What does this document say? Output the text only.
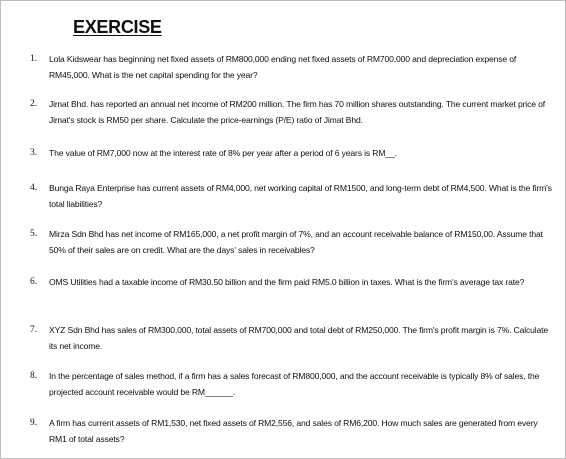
EXERCISE
1. Lola Kidswear has beginning net fixed assets of RM800,000 ending net fixed assets of RM700,000 and depreciation expense of RM45,000. What is the net capital spending for the year?
2. Jimat Bhd. has reported an annual net income of RM200 million. The firm has 70 million shares outstanding. The current market price of Jimat's stock is RM50 per share. Calculate the price-earnings (P/E) ratio of Jimat Bhd.
3. The value of RM7,000 now at the interest rate of 8% per year after a period of 6 years is RM__.
4. Bunga Raya Enterprise has current assets of RM4,000, net working capital of RM1500, and long-term debt of RM4,500. What is the firm's total liabilities?
5. Mirza Sdn Bhd has net income of RM165,000, a net profit margin of 7%, and an account receivable balance of RM150,00. Assume that 50% of their sales are on credit. What are the days' sales in receivables?
6. OMS Utilities had a taxable income of RM30.50 billion and the firm paid RM5.0 billion in taxes. What is the firm's average tax rate?
7. XYZ Sdn Bhd has sales of RM300,000, total assets of RM700,000 and total debt of RM250,000. The firm's profit margin is 7%. Calculate its net income.
8. In the percentage of sales method, if a firm has a sales forecast of RM800,000, and the account receivable is typically 8% of sales, the projected account receivable would be RM______.
9. A firm has current assets of RM1,530, net fixed assets of RM2,556, and sales of RM6,200. How much sales are generated from every RM1 of total assets?
